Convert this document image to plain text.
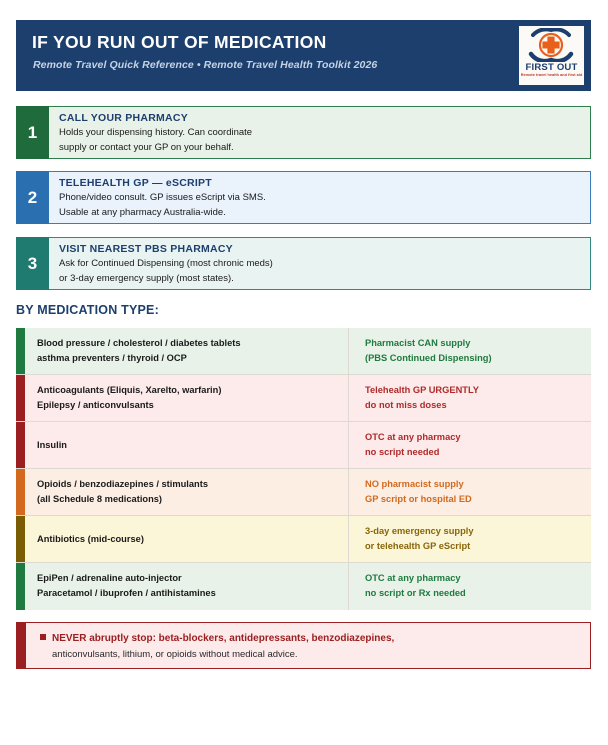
IF YOU RUN OUT OF MEDICATION
Remote Travel Quick Reference • Remote Travel Health Toolkit 2026	FIRST OUT
Remote travel health and first aid
1
CALL YOUR PHARMACY
Holds your dispensing history. Can coordinate
supply or contact your GP on your behalf.
2
TELEHEALTH GP — eSCRIPT
Phone/video consult. GP issues eScript via SMS.
Usable at any pharmacy Australia-wide.
3
VISIT NEAREST PBS PHARMACY
Ask for Continued Dispensing (most chronic meds)
or 3-day emergency supply (most states).
BY MEDICATION TYPE:
Blood pressure / cholesterol / diabetes tablets
asthma preventers / thyroid / OCP
Pharmacist CAN supply
(PBS Continued Dispensing)
Anticoagulants (Eliquis, Xarelto, warfarin)
Epilepsy / anticonvulsants
Telehealth GP URGENTLY
do not miss doses
Insulin
OTC at any pharmacy
no script needed
Opioids / benzodiazepines / stimulants
(all Schedule 8 medications)
NO pharmacist supply
GP script or hospital ED
Antibiotics (mid-course)
3-day emergency supply
or telehealth GP eScript
EpiPen / adrenaline auto-injector
Paracetamol / ibuprofen / antihistamines
OTC at any pharmacy
no script or Rx needed
NEVER abruptly stop: beta-blockers, antidepressants, benzodiazepines,
anticonvulsants, lithium, or opioids without medical advice.
